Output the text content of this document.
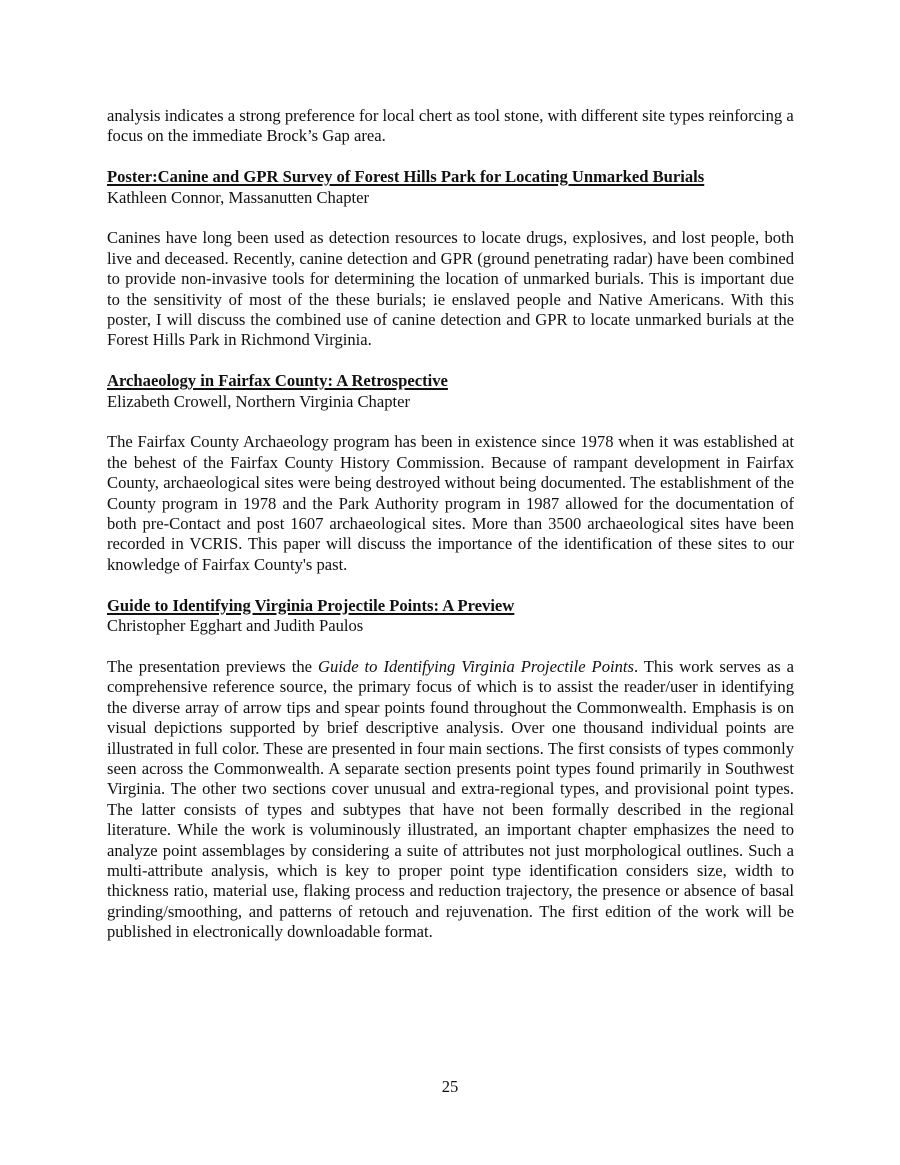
analysis indicates a strong preference for local chert as tool stone, with different site types reinforcing a focus on the immediate Brock’s Gap area.

Poster:Canine and GPR Survey of Forest Hills Park for Locating Unmarked Burials

Kathleen Connor, Massanutten Chapter

Canines have long been used as detection resources to locate drugs, explosives, and lost people, both live and deceased. Recently, canine detection and GPR (ground penetrating radar) have been combined to provide non-invasive tools for determining the location of unmarked burials. This is important due to the sensitivity of most of the these burials; ie enslaved people and Native Americans. With this poster, I will discuss the combined use of canine detection and GPR to locate unmarked burials at the Forest Hills Park in Richmond Virginia.

Archaeology in Fairfax County: A Retrospective

Elizabeth Crowell, Northern Virginia Chapter

The Fairfax County Archaeology program has been in existence since 1978 when it was established at the behest of the Fairfax County History Commission. Because of rampant development in Fairfax County, archaeological sites were being destroyed without being documented. The establishment of the County program in 1978 and the Park Authority program in 1987 allowed for the documentation of both pre-Contact and post 1607 archaeological sites. More than 3500 archaeological sites have been recorded in VCRIS. This paper will discuss the importance of the identification of these sites to our knowledge of Fairfax County's past.

Guide to Identifying Virginia Projectile Points: A Preview

Christopher Egghart and Judith Paulos

The presentation previews the Guide to Identifying Virginia Projectile Points. This work serves as a comprehensive reference source, the primary focus of which is to assist the reader/user in identifying the diverse array of arrow tips and spear points found throughout the Commonwealth. Emphasis is on visual depictions supported by brief descriptive analysis. Over one thousand individual points are illustrated in full color. These are presented in four main sections. The first consists of types commonly seen across the Commonwealth. A separate section presents point types found primarily in Southwest Virginia. The other two sections cover unusual and extra-regional types, and provisional point types. The latter consists of types and subtypes that have not been formally described in the regional literature. While the work is voluminously illustrated, an important chapter emphasizes the need to analyze point assemblages by considering a suite of attributes not just morphological outlines. Such a multi-attribute analysis, which is key to proper point type identification considers size, width to thickness ratio, material use, flaking process and reduction trajectory, the presence or absence of basal grinding/smoothing, and patterns of retouch and rejuvenation. The first edition of the work will be published in electronically downloadable format.

25
